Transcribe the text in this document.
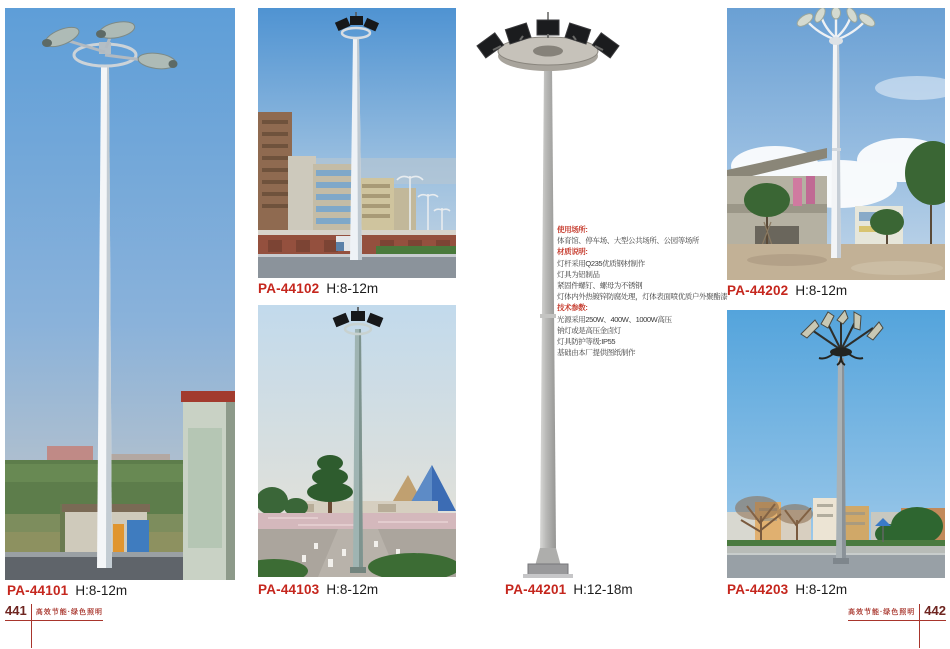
使用场所:
体育馆、停车场、大型公共场所、公园等场所
材质说明:
灯杆采用Q235优质钢材制作
灯具为铝制品
紧固件螺钉、螺母为不锈钢
灯体内外热镀锌防腐处理，灯体表面喷优质户外聚酯漆
技术参数:
光源采用250W、400W、1000W高压
钠灯或是高压金卤灯
灯具防护等级:IP55
基础由本厂提供图纸制作
PA-44101 H:8-12m
PA-44102 H:8-12m
PA-44103 H:8-12m	PA-44201 H:12-18m
PA-44202 H:8-12m
PA-44203 H:8-12m
441 高效节能·绿色照明	高效节能·绿色照明 442
